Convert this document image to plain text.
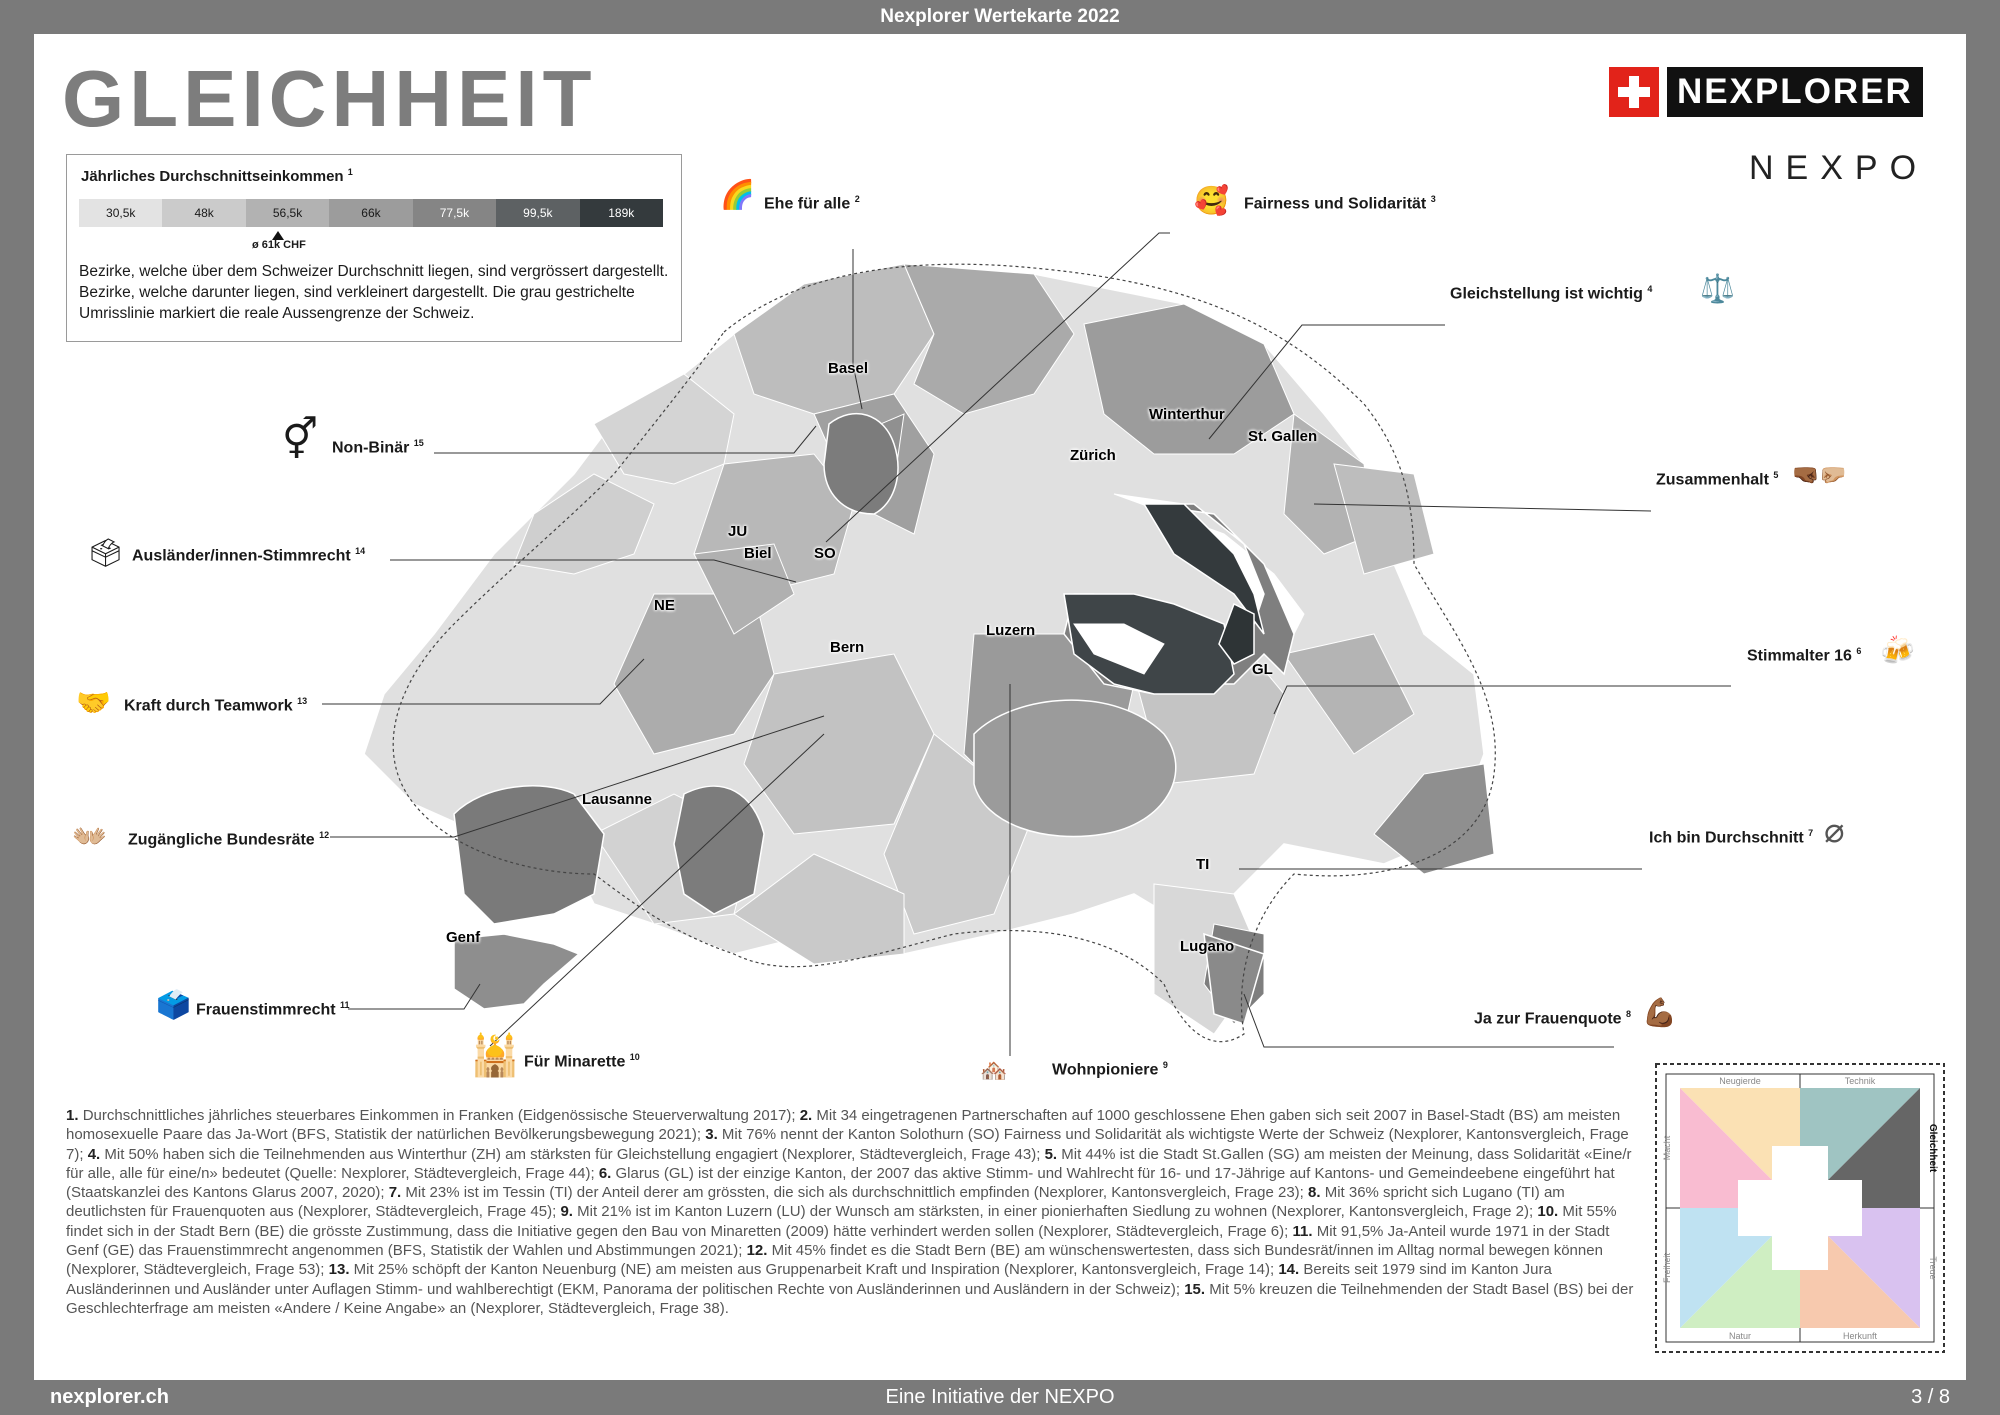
Nexplorer Wertekarte 2022
GLEICHHEIT	NEXPLORER
NEXPO
Jährliches Durchschnittseinkommen $^1$
30,5k	48k	56,5k	66k	77,5k	99,5k	189k
ø 61k CHF
Bezirke, welche über dem Schweizer Durchschnitt liegen, sind vergrössert dargestellt. Bezirke, welche darunter liegen, sind verkleinert dargestellt. Die grau gestrichelte Umrisslinie markiert die reale Aussengrenze der Schweiz.
Basel
Winterthur
Zürich
St. Gallen
JU
Biel	SO
NE
Luzern
Bern
GL
Lausanne
TI
Genf
Lugano
🌈 Ehe für alle $^2$	🥰 Fairness und Solidarität $^3$
Gleichstellung ist wichtig $^4$ ⚖️
Zusammenhalt $^5$ 🤜🏾🤛🏼
Stimmalter 16 $^6$ 🍻
Ich bin Durchschnitt $^7$ ⌀
Ja zur Frauenquote $^8$ 💪🏾
🏘️	Wohnpioniere $^9$
🕌 Für Minarette $^{10}$
🗳️ Frauenstimmrecht $^{11}$
👐🏼 Zugängliche Bundesräte $^{12}$
🤝 Kraft durch Teamwork $^{13}$
🗳 Ausländer/innen-Stimmrecht $^{14}$
⚥ Non-Binär $^{15}$
1. Durchschnittliches jährliches steuerbares Einkommen in Franken (Eidgenössische Steuerverwaltung 2017); 2. Mit 34 eingetragenen Partnerschaften auf 1000 geschlossene Ehen gaben sich seit 2007 in Basel-Stadt (BS) am meisten homosexuelle Paare das Ja-Wort (BFS, Statistik der natürlichen Bevölkerungsbewegung 2021); 3. Mit 76% nennt der Kanton Solothurn (SO) Fairness und Solidarität als wichtigste Werte der Schweiz (Nexplorer, Kantonsvergleich, Frage 7); 4. Mit 50% haben sich die Teilnehmenden aus Winterthur (ZH) am stärksten für Gleichstellung engagiert (Nexplorer, Städtevergleich, Frage 43); 5. Mit 44% ist die Stadt St.Gallen (SG) am meisten der Meinung, dass Solidarität «Eine/r für alle, alle für eine/n» bedeutet (Quelle: Nexplorer, Städtevergleich, Frage 44); 6. Glarus (GL) ist der einzige Kanton, der 2007 das aktive Stimm- und Wahlrecht für 16- und 17-Jährige auf Kantons- und Gemeindeebene eingeführt hat (Staatskanzlei des Kantons Glarus 2007, 2020); 7. Mit 23% ist im Tessin (TI) der Anteil derer am grössten, die sich als durchschnittlich empfinden (Nexplorer, Kantonsvergleich, Frage 23); 8. Mit 36% spricht sich Lugano (TI) am deutlichsten für Frauenquoten aus (Nexplorer, Städtevergleich, Frage 45); 9. Mit 21% ist im Kanton Luzern (LU) der Wunsch am stärksten, in einer pionierhaften Siedlung zu wohnen (Nexplorer, Kantonsvergleich, Frage 2); 10. Mit 55% findet sich in der Stadt Bern (BE) die grösste Zustimmung, dass die Initiative gegen den Bau von Minaretten (2009) hätte verhindert werden sollen (Nexplorer, Städtevergleich, Frage 6); 11. Mit 91,5% Ja-Anteil wurde 1971 in der Stadt Genf (GE) das Frauenstimmrecht angenommen (BFS, Statistik der Wahlen und Abstimmungen 2021); 12. Mit 45% findet es die Stadt Bern (BE) am wünschenswertesten, dass sich Bundesrät/innen im Alltag normal bewegen können (Nexplorer, Städtevergleich, Frage 53); 13. Mit 25% schöpft der Kanton Neuenburg (NE) am meisten aus Gruppenarbeit Kraft und Inspiration (Nexplorer, Kantonsvergleich, Frage 14); 14. Bereits seit 1979 sind im Kanton Jura Ausländerinnen und Ausländer unter Auflagen Stimm- und wahlberechtigt (EKM, Panorama der politischen Rechte von Ausländerinnen und Ausländern in der Schweiz); 15. Mit 5% kreuzen die Teilnehmenden der Stadt Basel (BS) bei der Geschlechterfrage am meisten «Andere / Keine Angabe» an (Nexplorer, Städtevergleich, Frage 38).
Neugierde	Technik
Gleichheit
Treue
Herkunft
Natur
Freiheit
Macht
nexplorer.ch	Eine Initiative der NEXPO	3 / 8
